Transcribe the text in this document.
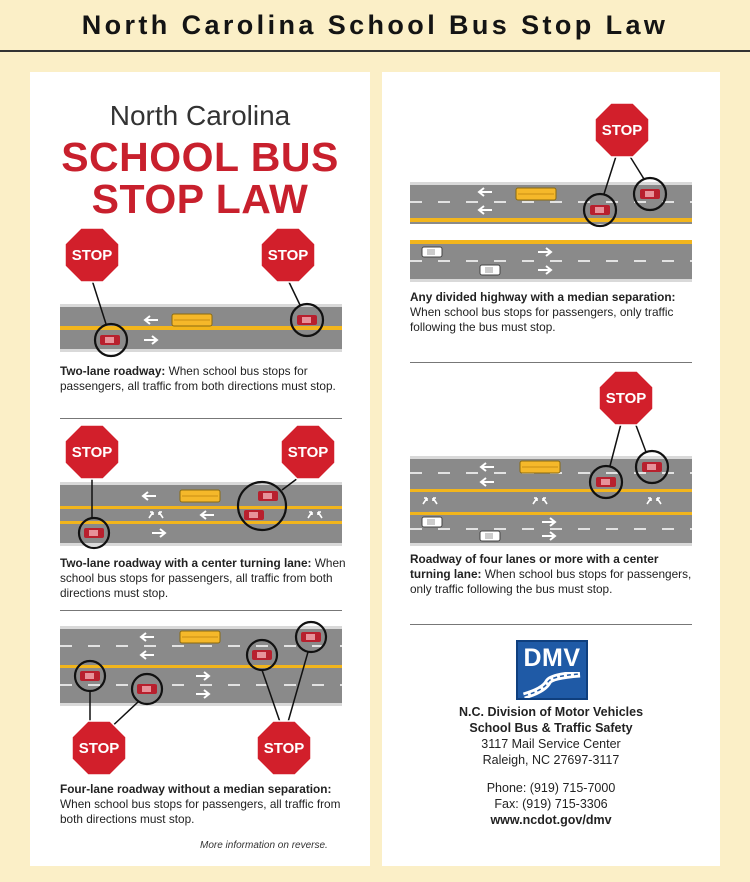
North Carolina School Bus Stop Law
North Carolina
SCHOOL BUS
STOP LAW
STOP	STOP
STOP	STOP
STOP	STOP
Two-lane roadway: When school bus stops for passengers, all traffic from both directions must stop.
Two-lane roadway with a center turning lane: When school bus stops for passengers, all traffic from both directions must stop.
Four-lane roadway without a median separation: When school bus stops for passengers, all traffic from both directions must stop.
More information on reverse.
STOP
STOP
Any divided highway with a median separation: When school bus stops for passengers, only traffic following the bus must stop.
Roadway of four lanes or more with a center turning lane: When school bus stops for passengers, only traffic following the bus must stop.
DMV
N.C. Division of Motor Vehicles
School Bus & Traffic Safety
3117 Mail Service Center
Raleigh, NC 27697-3117
Phone: (919) 715-7000
Fax: (919) 715-3306
www.ncdot.gov/dmv
